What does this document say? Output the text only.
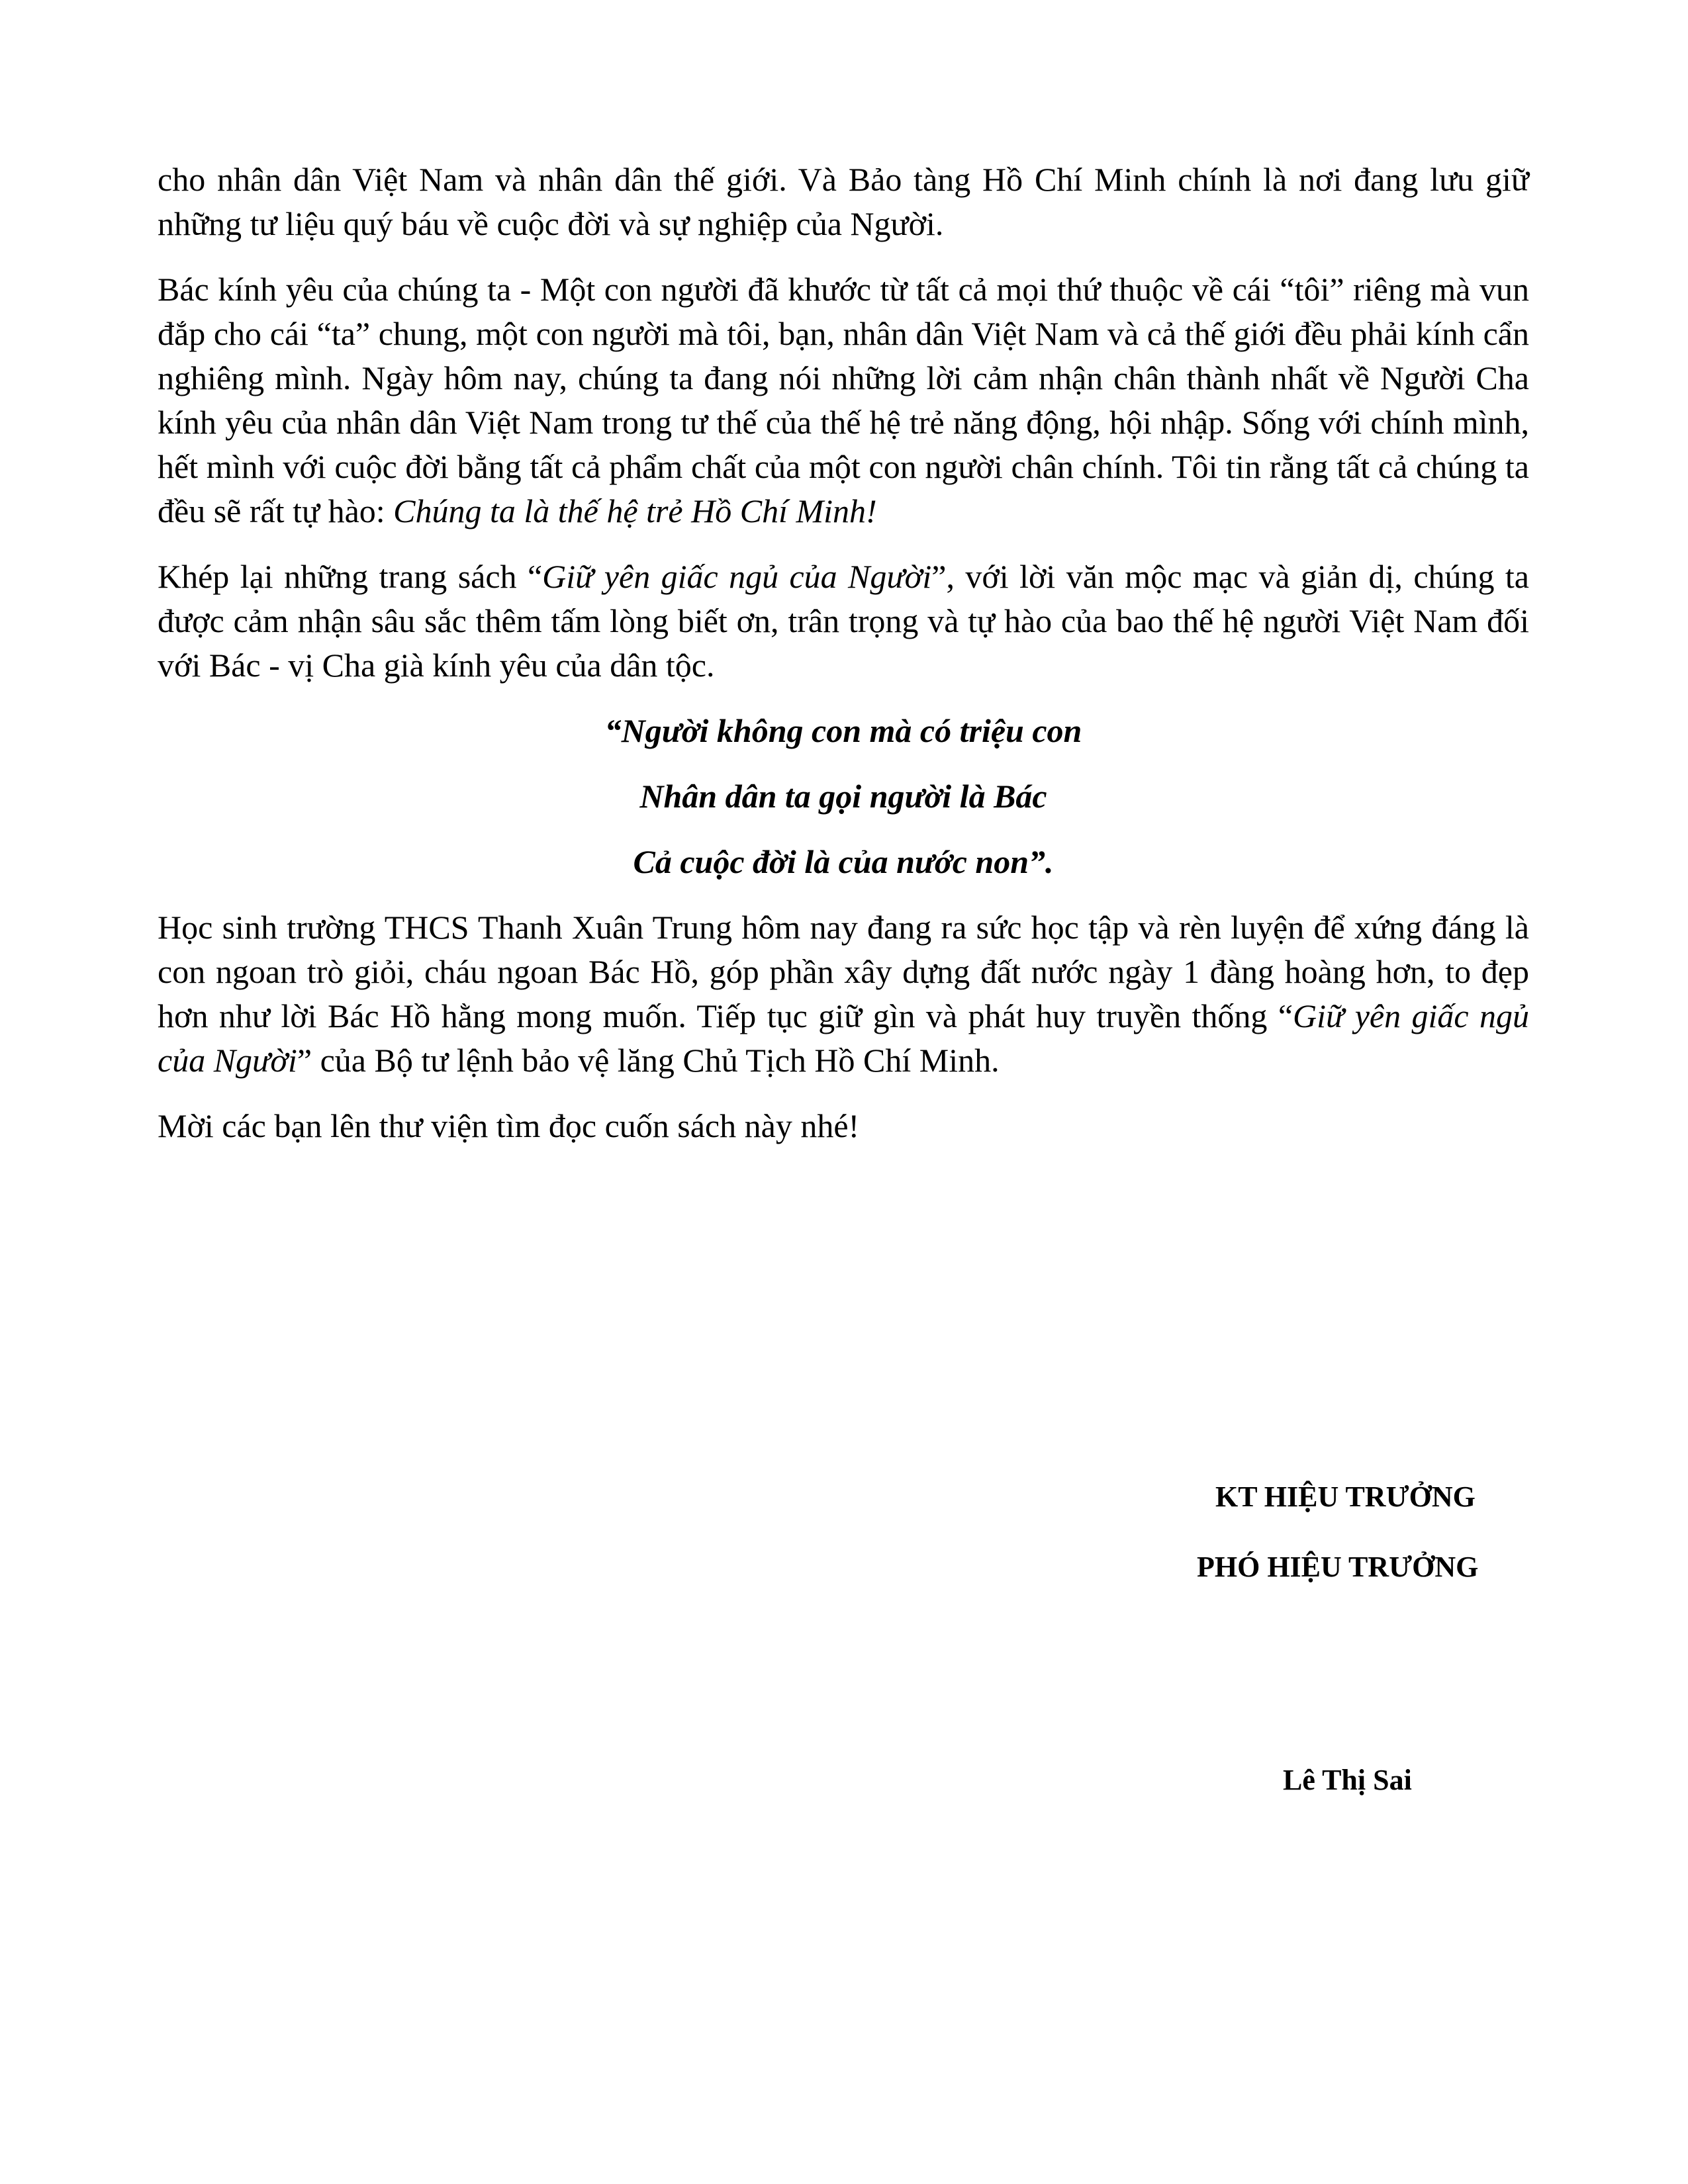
cho nhân dân Việt Nam và nhân dân thế giới. Và Bảo tàng Hồ Chí Minh chính là nơi đang lưu giữ những tư liệu quý báu về cuộc đời và sự nghiệp của Người.

Bác kính yêu của chúng ta - Một con người đã khước từ tất cả mọi thứ thuộc về cái “tôi” riêng mà vun đắp cho cái “ta” chung, một con người mà tôi, bạn, nhân dân Việt Nam và cả thế giới đều phải kính cẩn nghiêng mình. Ngày hôm nay, chúng ta đang nói những lời cảm nhận chân thành nhất về Người Cha kính yêu của nhân dân Việt Nam trong tư thế của thế hệ trẻ năng động, hội nhập. Sống với chính mình, hết mình với cuộc đời bằng tất cả phẩm chất của một con người chân chính. Tôi tin rằng tất cả chúng ta đều sẽ rất tự hào: Chúng ta là thế hệ trẻ Hồ Chí Minh!

Khép lại những trang sách “Giữ yên giấc ngủ của Người”, với lời văn mộc mạc và giản dị, chúng ta được cảm nhận sâu sắc thêm tấm lòng biết ơn, trân trọng và tự hào của bao thế hệ người Việt Nam đối với Bác - vị Cha già kính yêu của dân tộc.

“Người không con mà có triệu con

Nhân dân ta gọi người là Bác

Cả cuộc đời là của nước non”.

Học sinh trường THCS Thanh Xuân Trung hôm nay đang ra sức học tập và rèn luyện để xứng đáng là con ngoan trò giỏi, cháu ngoan Bác Hồ, góp phần xây dựng đất nước ngày 1 đàng hoàng hơn, to đẹp hơn như lời Bác Hồ hằng mong muốn. Tiếp tục giữ gìn và phát huy truyền thống “Giữ yên giấc ngủ của Người” của Bộ tư lệnh bảo vệ lăng Chủ Tịch Hồ Chí Minh.

Mời các bạn lên thư viện tìm đọc cuốn sách này nhé!

KT HIỆU TRƯỞNG
PHÓ HIỆU TRƯỞNG
Lê Thị Sai
